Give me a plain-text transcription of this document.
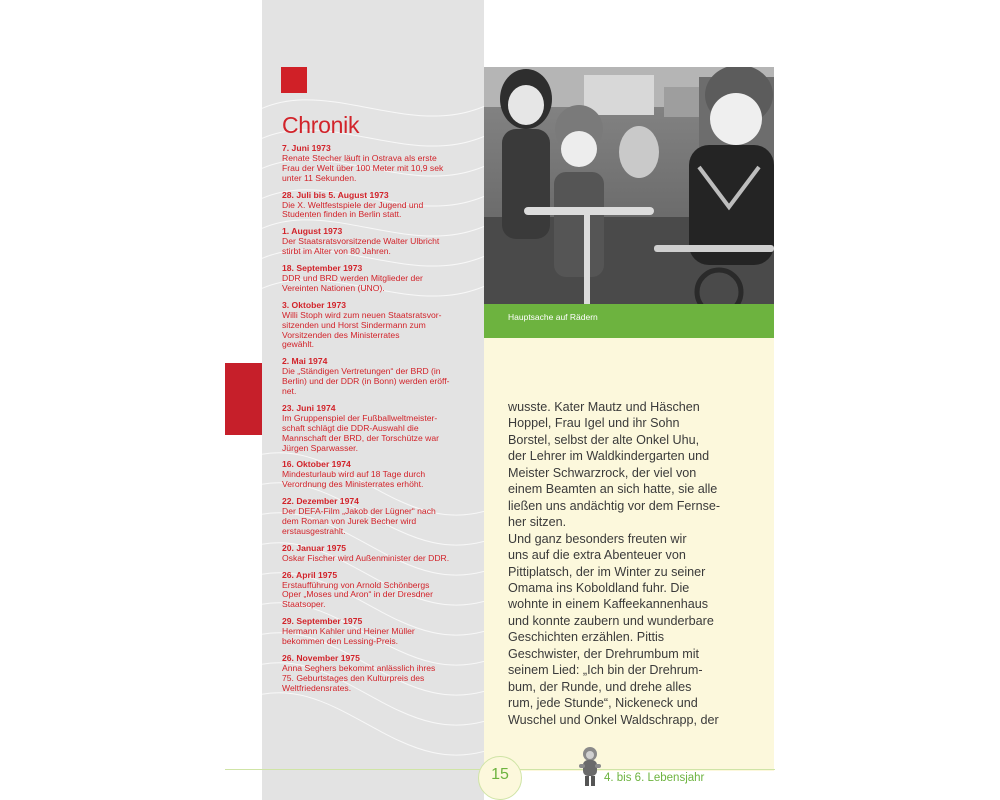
Chronik
7. Juni 1973
Renate Stecher läuft in Ostrava als erste
Frau der Welt über 100 Meter mit 10,9 sek
unter 11 Sekunden.
28. Juli bis 5. August 1973
Die X. Weltfestspiele der Jugend und
Studenten finden in Berlin statt.
1. August 1973
Der Staatsratsvorsitzende Walter Ulbricht
stirbt im Alter von 80 Jahren.
18. September 1973
DDR und BRD werden Mitglieder der
Vereinten Nationen (UNO).
3. Oktober 1973
Willi Stoph wird zum neuen Staatsratsvor-
sitzenden und Horst Sindermann zum
Vorsitzenden des Ministerrates
gewählt.
2. Mai 1974
Die „Ständigen Vertretungen“ der BRD (in
Berlin) und der DDR (in Bonn) werden eröff-
net.
23. Juni 1974
Im Gruppenspiel der Fußballweltmeister-
schaft schlägt die DDR-Auswahl die
Mannschaft der BRD, der Torschütze war
Jürgen Sparwasser.
16. Oktober 1974
Mindesturlaub wird auf 18 Tage durch
Verordnung des Ministerrates erhöht.
22. Dezember 1974
Der DEFA-Film „Jakob der Lügner“ nach
dem Roman von Jurek Becher wird
erstausgestrahlt.
20. Januar 1975
Oskar Fischer wird Außenminister der DDR.
26. April 1975
Erstaufführung von Arnold Schönbergs
Oper „Moses und Aron“ in der Dresdner
Staatsoper.
29. September 1975
Hermann Kahler und Heiner Müller
bekommen den Lessing-Preis.
26. November 1975
Anna Seghers bekommt anlässlich ihres
75. Geburtstages den Kulturpreis des
Weltfriedensrates.
Hauptsache auf Rädern
wusste. Kater Mautz und Häschen
Hoppel, Frau Igel und ihr Sohn
Borstel, selbst der alte Onkel Uhu,
der Lehrer im Waldkindergarten und
Meister Schwarzrock, der viel von
einem Beamten an sich hatte, sie alle
ließen uns andächtig vor dem Fernse-
her sitzen.
Und ganz besonders freuten wir
uns auf die extra Abenteuer von
Pittiplatsch, der im Winter zu seiner
Omama ins Koboldland fuhr. Die
wohnte in einem Kaffeekannenhaus
und konnte zaubern und wunderbare
Geschichten erzählen. Pittis
Geschwister, der Drehrumbum mit
seinem Lied: „Ich bin der Drehrum-
bum, der Runde, und drehe alles
rum, jede Stunde“, Nickeneck und
Wuschel und Onkel Waldschrapp, der
15	4. bis 6. Lebensjahr
